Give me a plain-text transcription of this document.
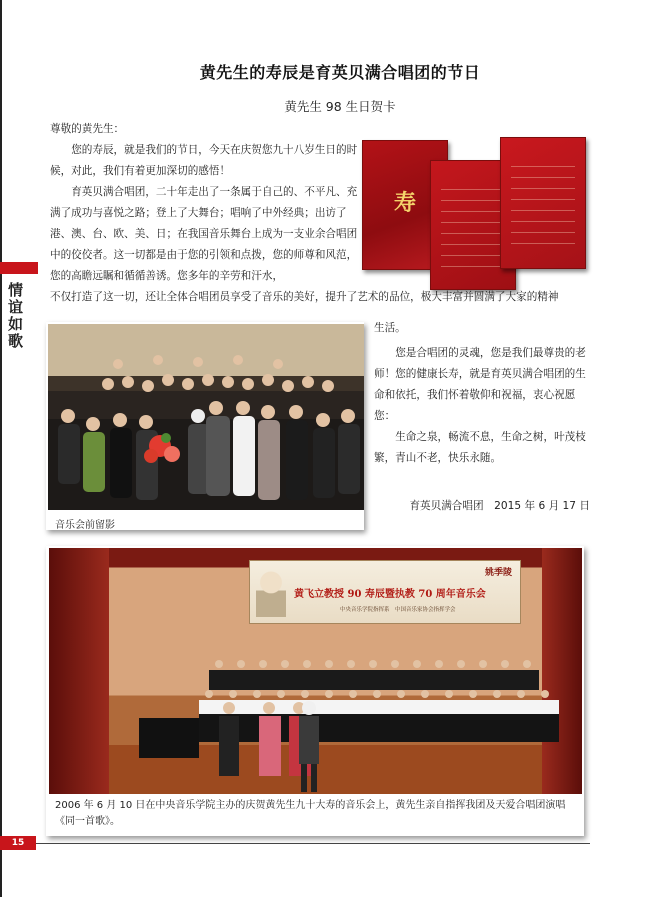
情谊如歌
黄先生的寿辰是育英贝满合唱团的节日
黄先生 98 生日贺卡

尊敬的黄先生：

您的寿辰，就是我们的节日，今天在庆贺您九十八岁生日的时候，对此，我们有着更加深切的感悟！

育英贝满合唱团，二十年走出了一条属于自己的、不平凡、充满了成功与喜悦之路；登上了大舞台；唱响了中外经典；出访了港、澳、台、欧、美、日；在我国音乐舞台上成为一支业余合唱团中的佼佼者。这一切都是由于您的引领和点拨，您的师尊和风范，您的高瞻远瞩和循循善诱。您多年的辛劳和汗水，

不仅打造了这一切，还让全体合唱团员享受了音乐的美好，提升了艺术的品位，极大丰富并圆满了大家的精神

生活。

您是合唱团的灵魂，您是我们最尊贵的老师！您的健康长寿，就是育英贝满合唱团的生命和依托，我们怀着敬仰和祝福，衷心祝愿您：

生命之泉，畅流不息，生命之树，叶茂枝繁，青山不老，快乐永随。

育英贝满合唱团　2015 年 6 月 17 日
寿
音乐会前留影
姚季陵
黄飞立教授 90 寿辰暨执教 70 周年音乐会
中央音乐学院指挥系　中国音乐家协会指挥学会
2006 年 6 月 10 日在中央音乐学院主办的庆贺黄先生九十大寿的音乐会上，黄先生亲自指挥我团及天爱合唱团演唱《同一首歌》。
15
